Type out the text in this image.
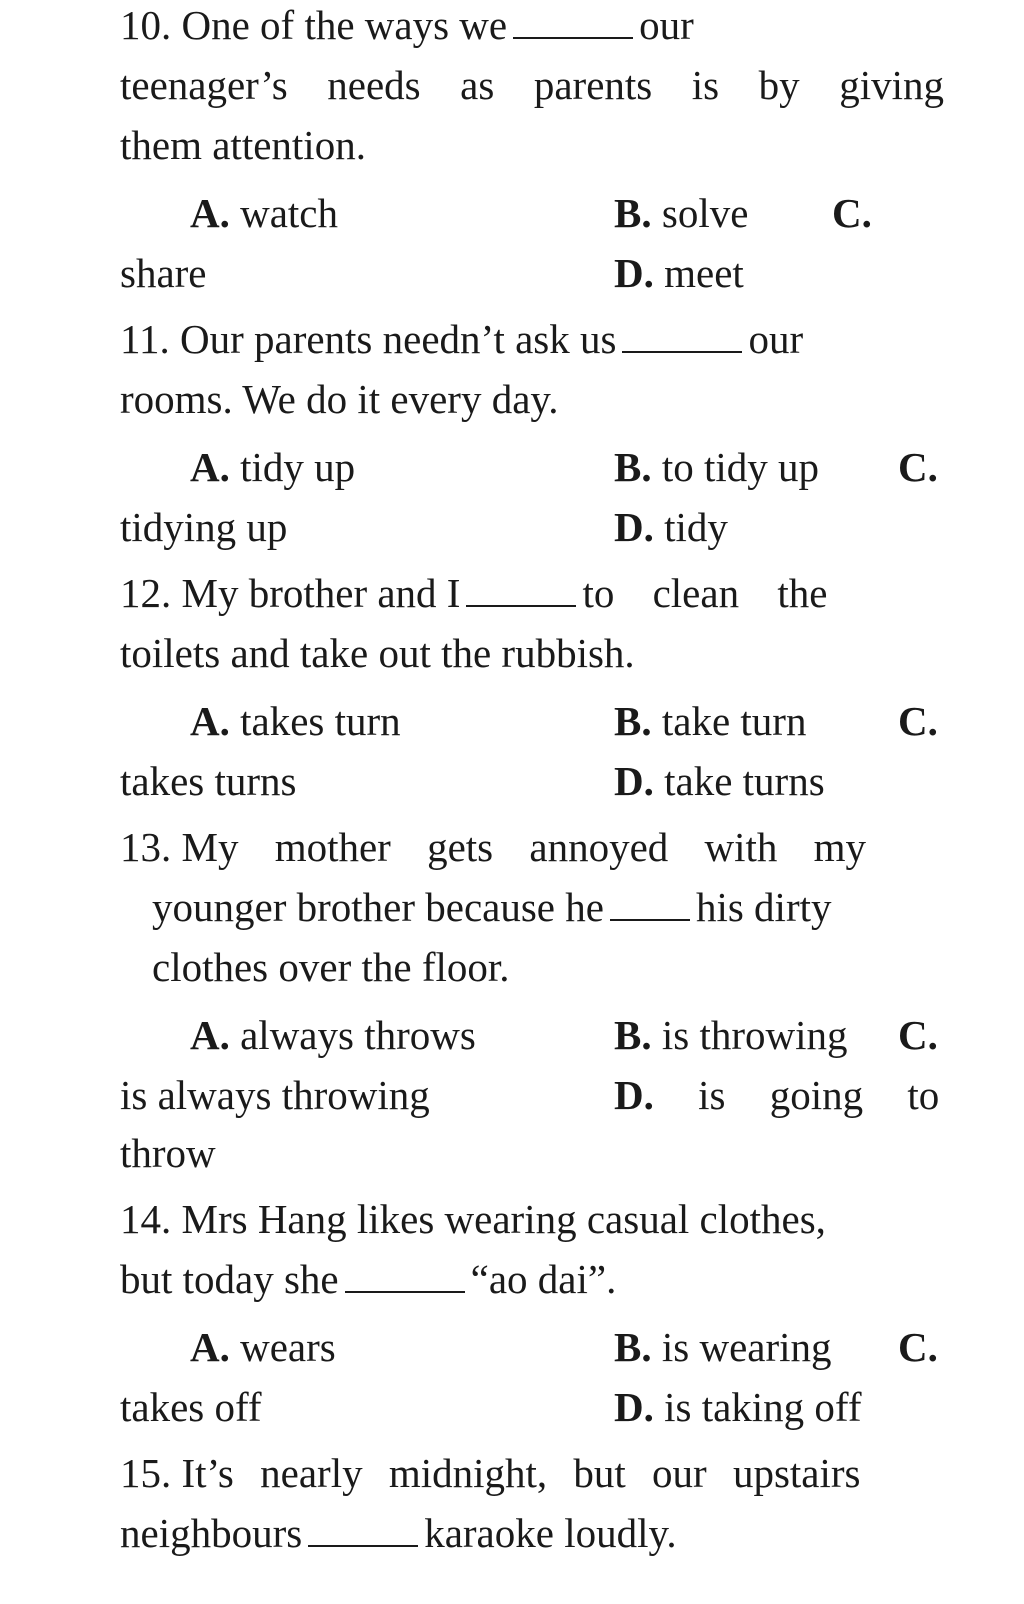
10. One of the ways we	our
teenager’s needs as parents is by giving
them attention.
A. watch	B. solve C.
share	D. meet
11. Our parents needn’t ask us	our
rooms. We do it every day.
A. tidy up	B. to tidy up C.
tidying up	D. tidy
12. My brother and I	to clean the
toilets and take out the rubbish.
A. takes turn	B. take turn C.
takes turns	D. take turns
13. My mother gets annoyed with my
younger brother because he his dirty
clothes over the floor.
A. always throws	B. is throwing C.
is always throwing	D. is going to
throw
14. Mrs Hang likes wearing casual clothes,
but today she	“ao dai”.
A. wears	B. is wearing C.
takes off	D. is taking off
15. It’s nearly midnight, but our upstairs
neighbours	karaoke loudly.
